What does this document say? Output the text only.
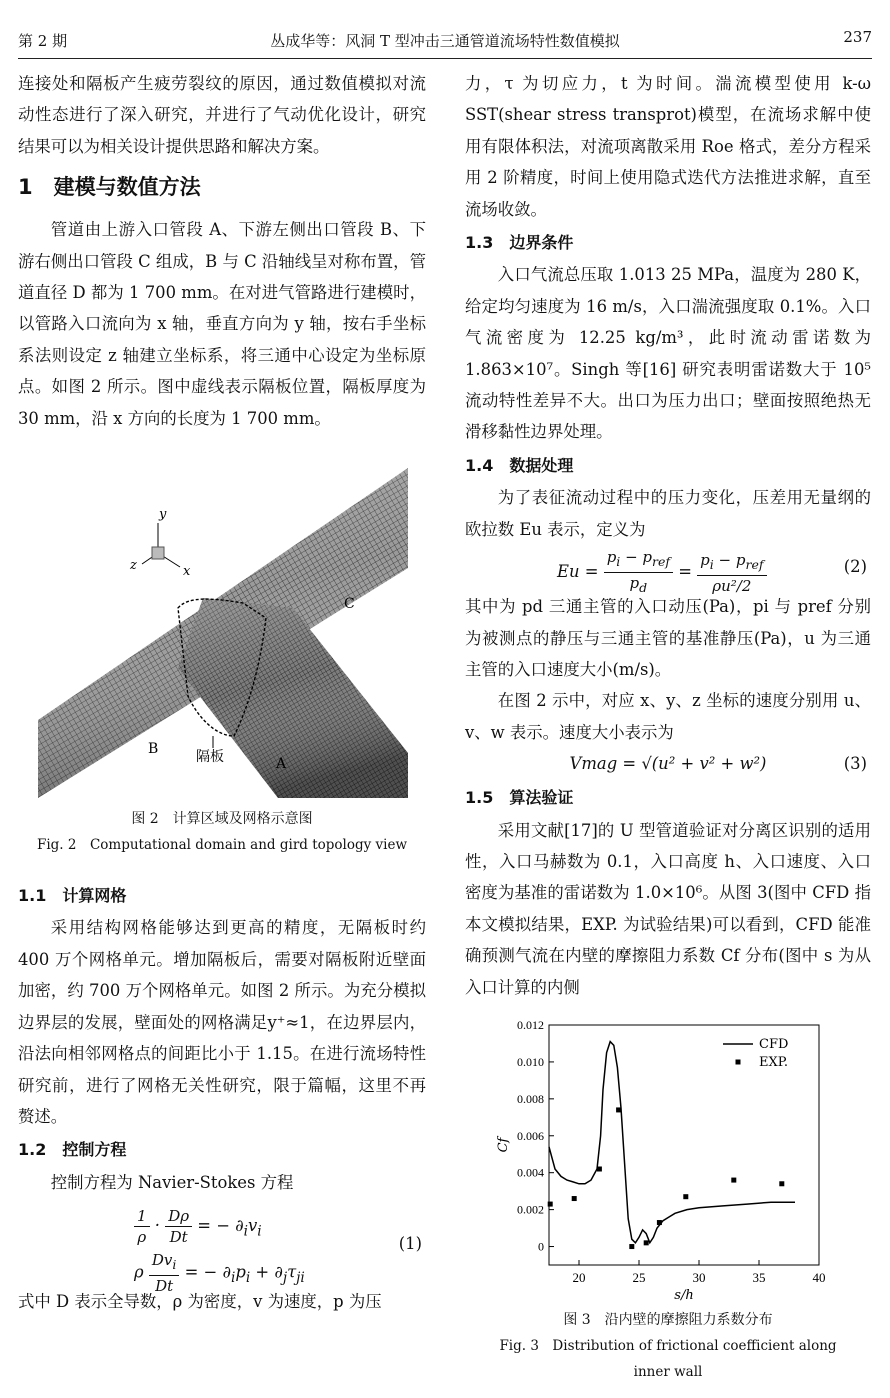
第 2 期	丛成华等：风洞 T 型冲击三通管道流场特性数值模拟	237

连接处和隔板产生疲劳裂纹的原因，通过数值模拟对流动性态进行了深入研究，并进行了气动优化设计，研究结果可以为相关设计提供思路和解决方案。

1　建模与数值方法

管道由上游入口管段 A、下游左侧出口管段 B、下游右侧出口管段 C 组成，B 与 C 沿轴线呈对称布置，管道直径 D 都为 1 700 mm。在对进气管路进行建模时，以管路入口流向为 x 轴，垂直方向为 y 轴，按右手坐标系法则设定 z 轴建立坐标系，将三通中心设定为坐标原点。如图 2 所示。图中虚线表示隔板位置，隔板厚度为 30 mm，沿 x 方向的长度为 1 700 mm。

y
z	x
C
B
A
隔板
图 2　计算区域及网格示意图
Fig. 2　Computational domain and gird topology view
1.1　计算网格

采用结构网格能够达到更高的精度，无隔板时约 400 万个网格单元。增加隔板后，需要对隔板附近壁面加密，约 700 万个网格单元。如图 2 所示。为充分模拟边界层的发展，壁面处的网格满足y⁺≈1，在边界层内，沿法向相邻网格点的间距比小于 1.15。在进行流场特性研究前，进行了网格无关性研究，限于篇幅，这里不再赘述。

1.2　控制方程

控制方程为 Navier-Stokes 方程

$\frac{1}{\rho} \cdot \frac{D\rho}{Dt}$ = − $\partial_iv_i$
ρ $\frac{Dv_i}{Dt}$ = − $\partial_ip_i + \partial_j\tau_{ji}$
(1)

式中 D 表示全导数，ρ 为密度，v 为速度，p 为压

力，τ 为切应力，t 为时间。湍流模型使用 k-ω SST(shear stress transprot)模型，在流场求解中使用有限体积法，对流项离散采用 Roe 格式，差分方程采用 2 阶精度，时间上使用隐式迭代方法推进求解，直至流场收敛。

1.3　边界条件

入口气流总压取 1.013 25 MPa，温度为 280 K，给定均匀速度为 16 m/s，入口湍流强度取 0.1%。入口气流密度为 12.25 kg/m³，此时流动雷诺数为 1.863×10⁷。Singh 等[16] 研究表明雷诺数大于 10⁵ 流动特性差异不大。出口为压力出口；壁面按照绝热无滑移黏性边界处理。

1.4　数据处理

为了表征流动过程中的压力变化，压差用无量纲的欧拉数 Eu 表示，定义为

$Eu = \frac{p_i - p_{ref}}{p_d} = \frac{p_i - p_{ref}}{\text{ρu²/2}}$	(2)

其中为 pd 三通主管的入口动压(Pa)，pi 与 pref 分别为被测点的静压与三通主管的基准静压(Pa)，u 为三通主管的入口速度大小(m/s)。

在图 2 示中，对应 x、y、z 坐标的速度分别用 u、v、w 表示。速度大小表示为

Vmag = √(u² + v² + w²)	(3)
1.5　算法验证

采用文献[17]的 U 型管道验证对分离区识别的适用性，入口马赫数为 0.1，入口高度 h、入口速度、入口密度为基准的雷诺数为 1.0×10⁶。从图 3(图中 CFD 指本文模拟结果，EXP. 为试验结果)可以看到，CFD 能准确预测气流在内壁的摩擦阻力系数 Cf 分布(图中 s 为从入口计算的内侧

20	25	30	35	40
0
0.002
0.004
0.006
0.008
0.010
0.012
s/h
Cf
CFD
EXP.
图 3　沿内壁的摩擦阻力系数分布
Fig. 3　Distribution of frictional coefficient along
inner wall
